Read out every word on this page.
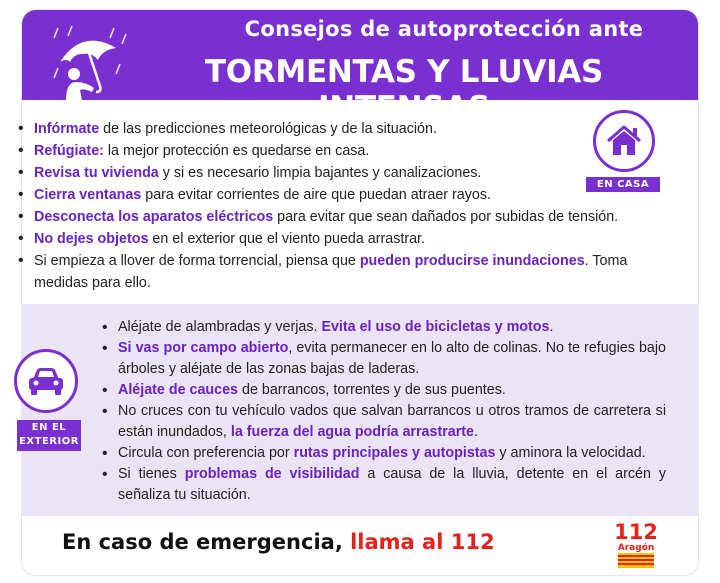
Consejos de autoprotección ante
TORMENTAS Y LLUVIAS
• Infórmate de las predicciones meteorológicas y de la situación.
• Refúgiate: la mejor protección es quedarse en casa.
• Revisa tu vivienda y si es necesario limpia bajantes y canalizaciones.
• Cierra ventanas para evitar corrientes de aire que puedan atraer rayos.
• Desconecta los aparatos eléctricos para evitar que sean dañados por subidas de tensión.
• No dejes objetos en el exterior que el viento pueda arrastrar.
• Si empieza a llover de forma torrencial, piensa que pueden producirse inundaciones. Toma medidas para ello.
EN CASA
• Aléjate de alambradas y verjas. Evita el uso de bicicletas y motos.
• Si vas por campo abierto, evita permanecer en lo alto de colinas. No te refugies bajo árboles y aléjate de las zonas bajas de laderas.
• Aléjate de cauces de barrancos, torrentes y de sus puentes.
• No cruces con tu vehículo vados que salvan barrancos u otros tramos de carretera si están inundados, la fuerza del agua podría arrastrarte.
• Circula con preferencia por rutas principales y autopistas y aminora la velocidad.
• Si tienes problemas de visibilidad a causa de la lluvia, detente en el arcén y señaliza tu situación.
EN EL
EXTERIOR
En caso de emergencia, llama al 112	112
Aragón
